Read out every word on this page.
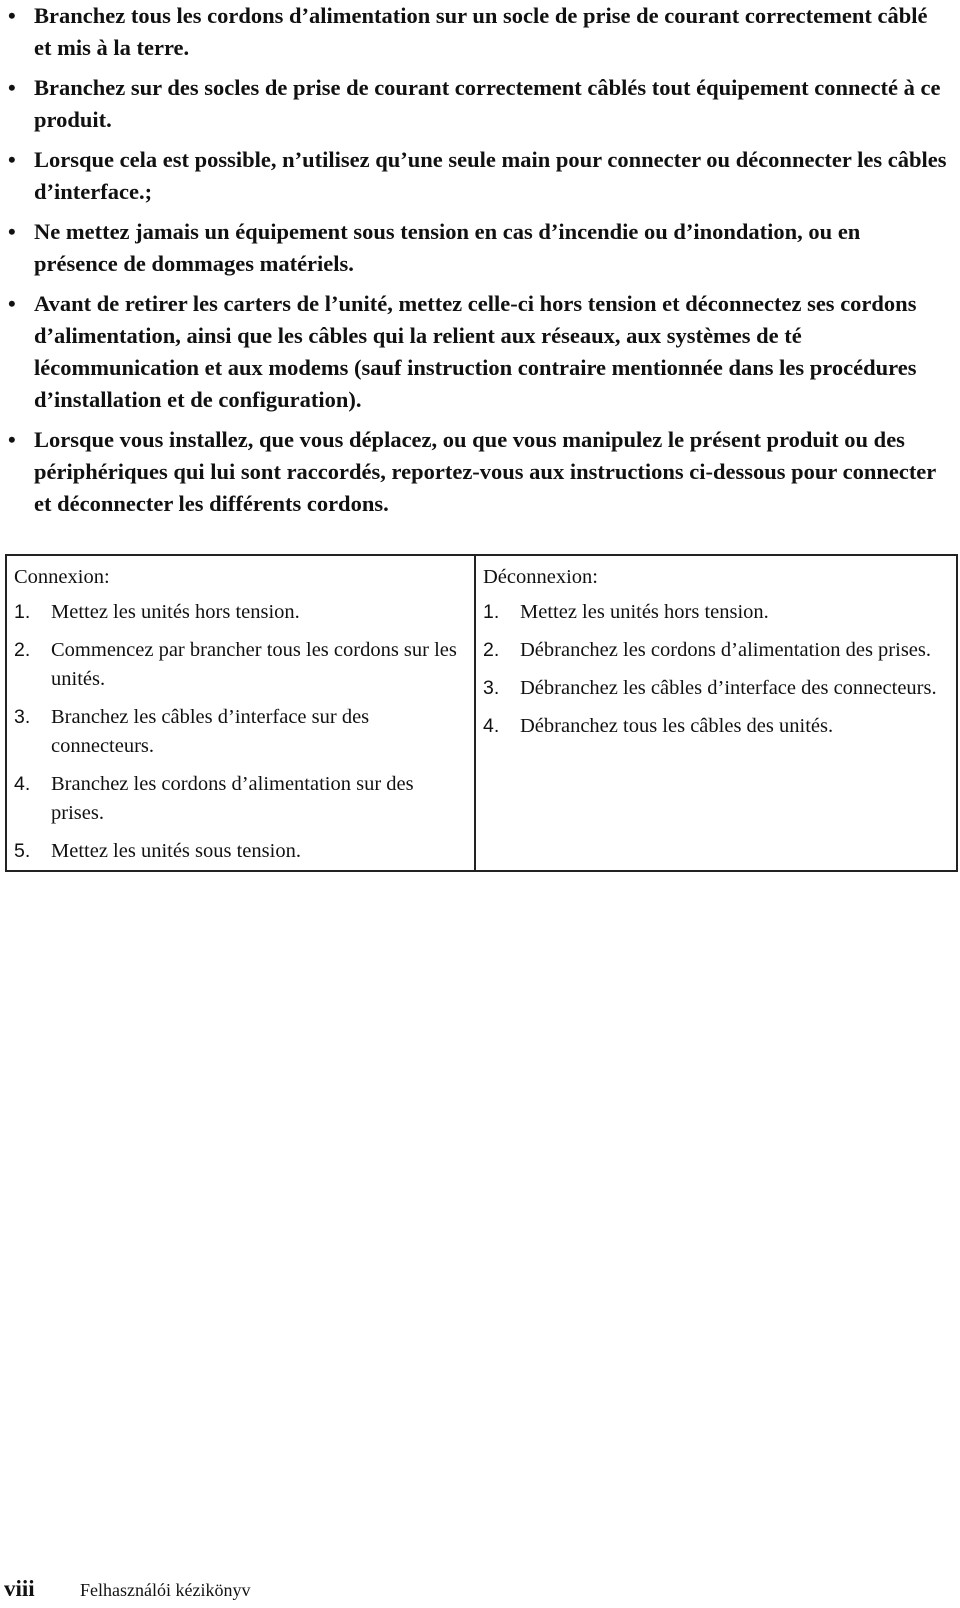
• Branchez tous les cordons d’alimentation sur un socle de prise de courant correctement câblé et mis à la terre.
• Branchez sur des socles de prise de courant correctement câblés tout équipement connecté à ce produit.
• Lorsque cela est possible, n’utilisez qu’une seule main pour connecter ou déconnecter les câbles d’interface.;
• Ne mettez jamais un équipement sous tension en cas d’incendie ou d’inondation, ou en présence de dommages matériels.
• Avant de retirer les carters de l’unité, mettez celle-ci hors tension et déconnectez ses cordons d’alimentation, ainsi que les câbles qui la relient aux réseaux, aux systèmes de té lécommunication et aux modems (sauf instruction contraire mentionnée dans les procédures d’installation et de configuration).
• Lorsque vous installez, que vous déplacez, ou que vous manipulez le présent produit ou des périphériques qui lui sont raccordés, reportez-vous aux instructions ci-dessous pour connecter et déconnecter les différents cordons.
Connexion:
1.	Mettez les unités hors tension.
2.	Commencez par brancher tous les cordons sur les unités.
3.	Branchez les câbles d’interface sur des connecteurs.
4.	Branchez les cordons d’alimentation sur des prises.
5.	Mettez les unités sous tension.
Déconnexion:
1.	Mettez les unités hors tension.
2.	Débranchez les cordons d’alimentation des prises.
3.	Débranchez les câbles d’interface des connecteurs.
4.	Débranchez tous les câbles des unités.
viii	Felhasználói kézikönyv
